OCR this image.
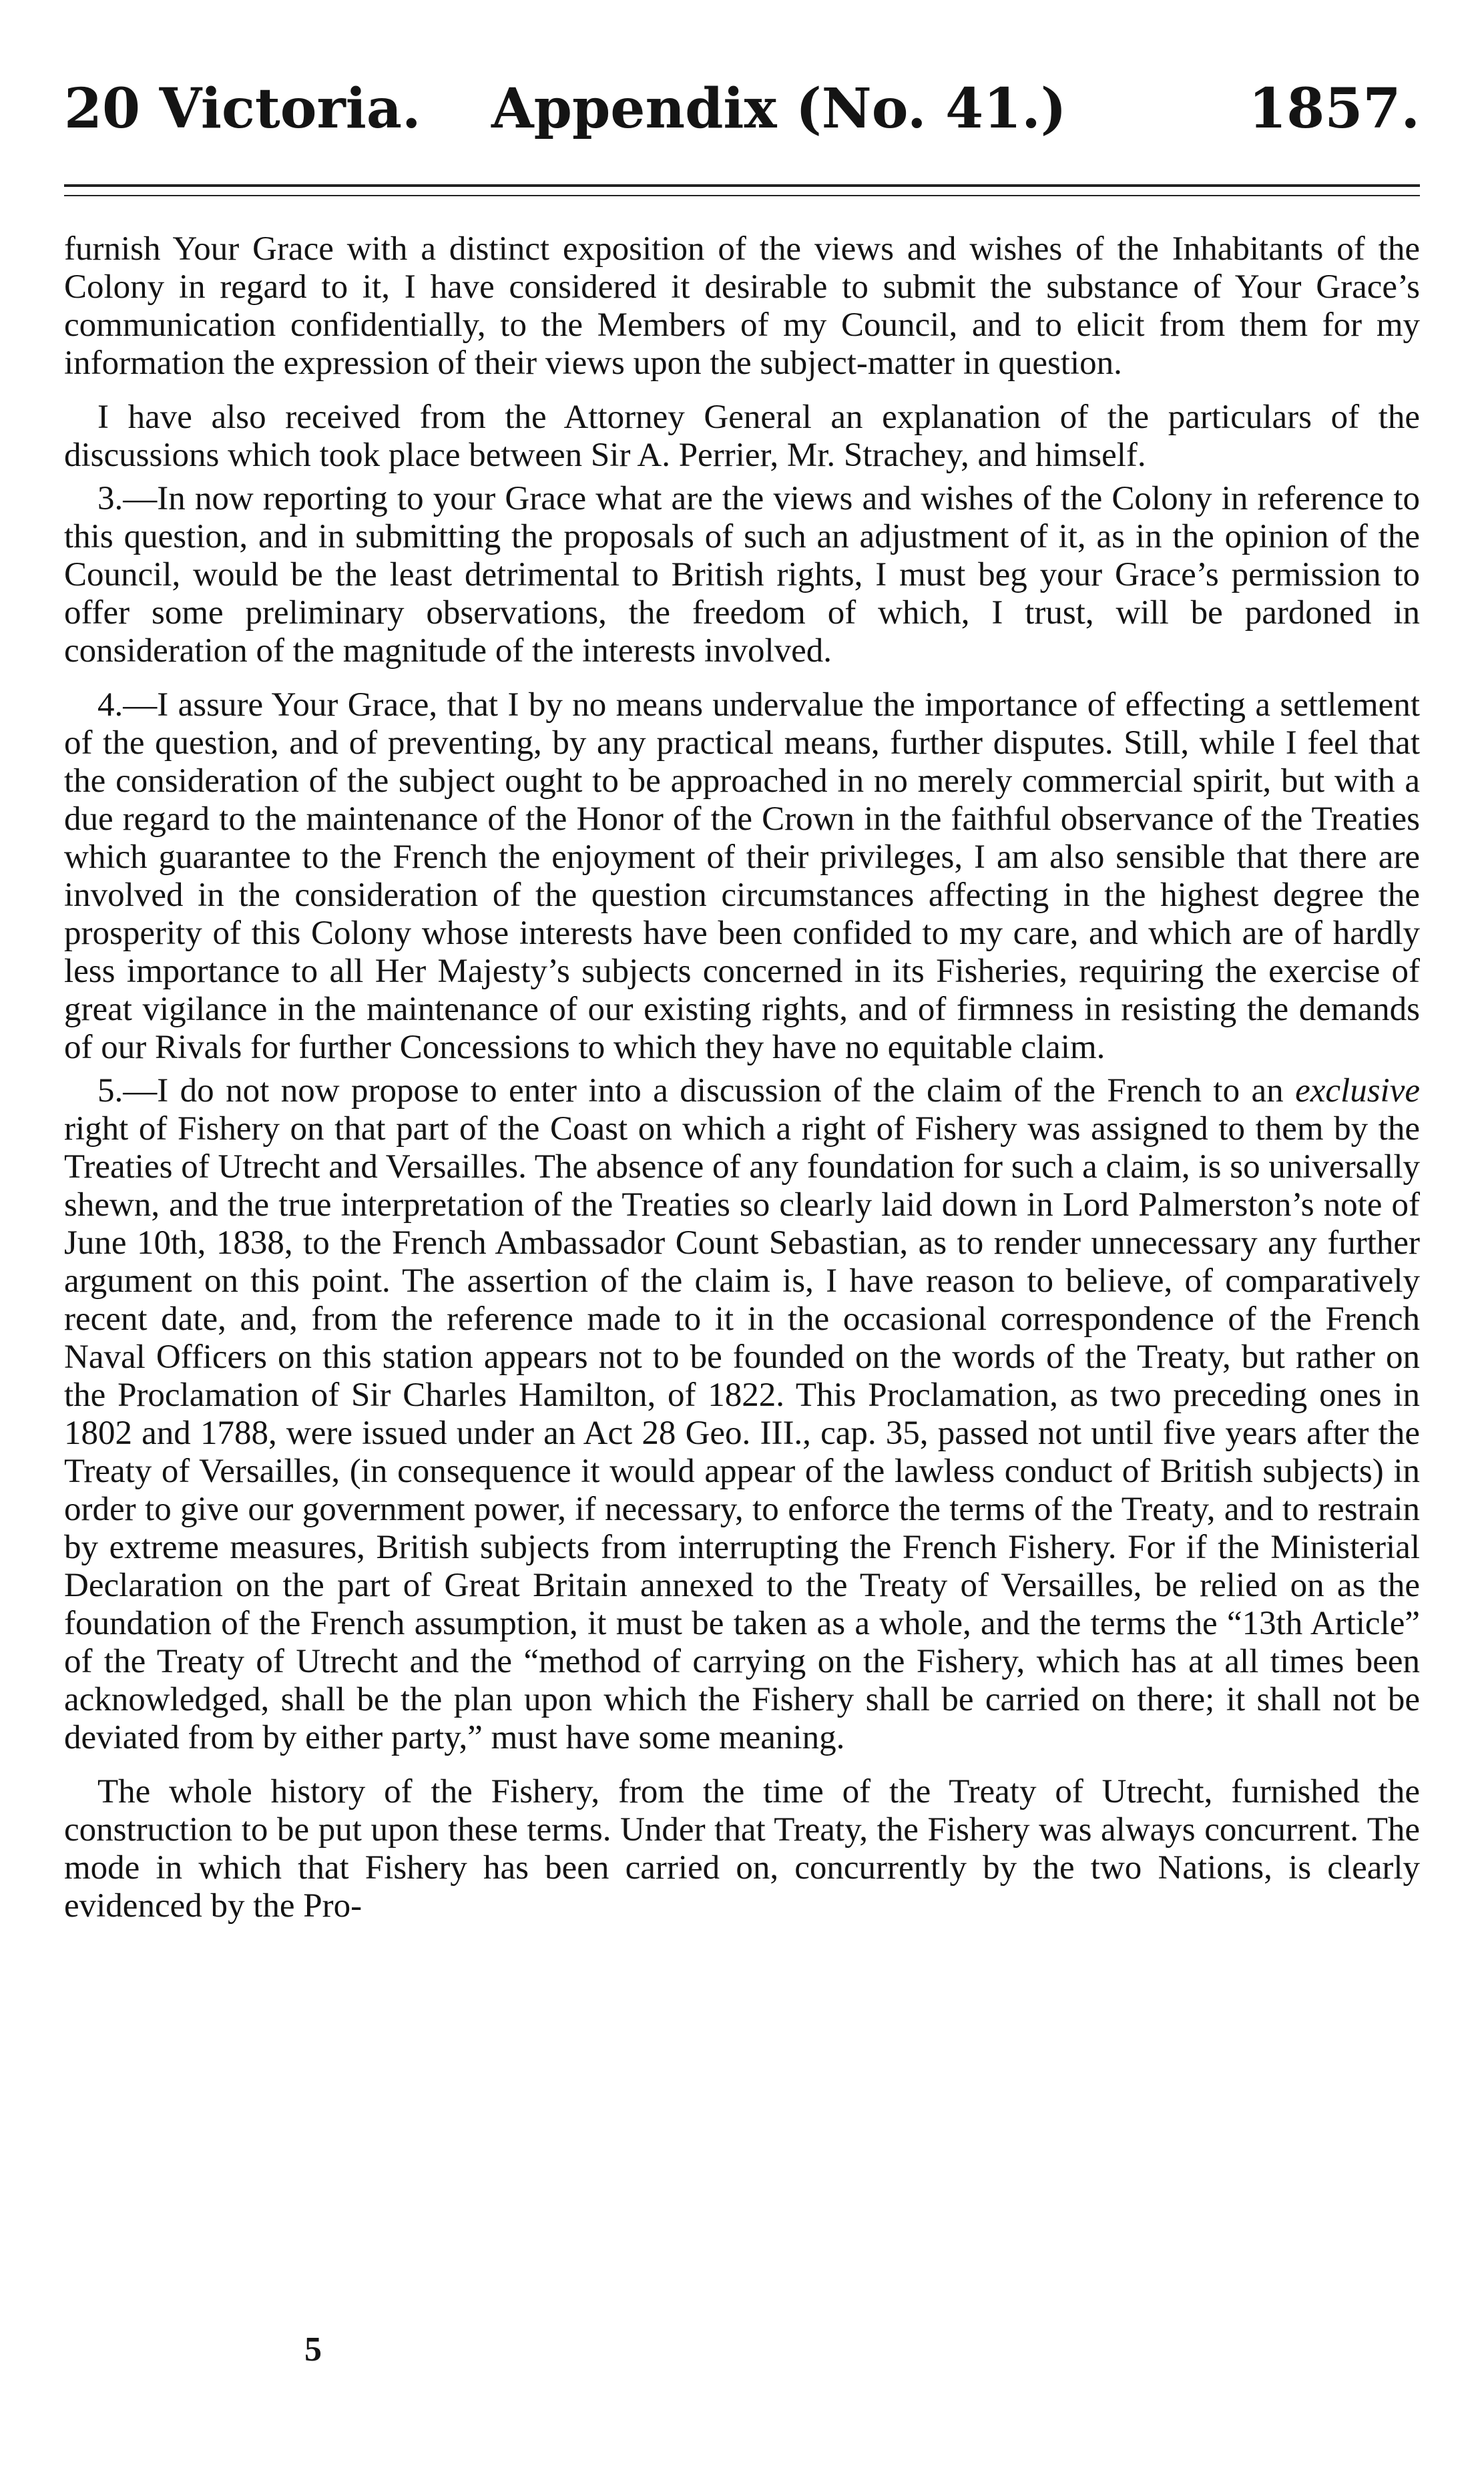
20 Victoria. Appendix (No. 41.)	1857.

furnish Your Grace with a distinct exposition of the views and wishes of the Inhabitants of the Colony in regard to it, I have considered it desirable to submit the substance of Your Grace’s communication confidentially, to the Members of my Council, and to elicit from them for my information the expression of their views upon the subject-matter in question.

I have also received from the Attorney General an explanation of the particulars of the discussions which took place between Sir A. Perrier, Mr. Strachey, and himself.

3.—In now reporting to your Grace what are the views and wishes of the Colony in reference to this question, and in submitting the proposals of such an adjustment of it, as in the opinion of the Council, would be the least detrimental to British rights, I must beg your Grace’s permission to offer some preliminary observations, the freedom of which, I trust, will be pardoned in consideration of the magnitude of the interests involved.

4.—I assure Your Grace, that I by no means undervalue the importance of effecting a settlement of the question, and of preventing, by any practical means, further disputes. Still, while I feel that the consideration of the subject ought to be approached in no merely commercial spirit, but with a due regard to the maintenance of the Honor of the Crown in the faithful observance of the Treaties which guarantee to the French the enjoyment of their privileges, I am also sensible that there are involved in the consideration of the question circumstances affecting in the highest degree the prosperity of this Colony whose interests have been confided to my care, and which are of hardly less importance to all Her Majesty’s subjects concerned in its Fisheries, requiring the exercise of great vigilance in the maintenance of our existing rights, and of firmness in resisting the demands of our Rivals for further Concessions to which they have no equitable claim.

5.—I do not now propose to enter into a discussion of the claim of the French to an exclusive right of Fishery on that part of the Coast on which a right of Fishery was assigned to them by the Treaties of Utrecht and Versailles. The absence of any foundation for such a claim, is so universally shewn, and the true interpretation of the Treaties so clearly laid down in Lord Palmerston’s note of June 10th, 1838, to the French Ambassador Count Sebastian, as to render unnecessary any further argument on this point. The assertion of the claim is, I have reason to believe, of comparatively recent date, and, from the reference made to it in the occasional correspondence of the French Naval Officers on this station appears not to be founded on the words of the Treaty, but rather on the Proclamation of Sir Charles Hamilton, of 1822. This Proclamation, as two preceding ones in 1802 and 1788, were issued under an Act 28 Geo. III., cap. 35, passed not until five years after the Treaty of Versailles, (in consequence it would appear of the lawless conduct of British subjects) in order to give our government power, if necessary, to enforce the terms of the Treaty, and to restrain by extreme measures, British subjects from interrupting the French Fishery. For if the Ministerial Declaration on the part of Great Britain annexed to the Treaty of Versailles, be relied on as the foundation of the French assumption, it must be taken as a whole, and the terms the “13th Article” of the Treaty of Utrecht and the “method of carrying on the Fishery, which has at all times been acknowledged, shall be the plan upon which the Fishery shall be carried on there; it shall not be deviated from by either party,” must have some meaning.

The whole history of the Fishery, from the time of the Treaty of Utrecht, furnished the construction to be put upon these terms. Under that Treaty, the Fishery was always concurrent. The mode in which that Fishery has been carried on, concurrently by the two Nations, is clearly evidenced by the Pro-

5
